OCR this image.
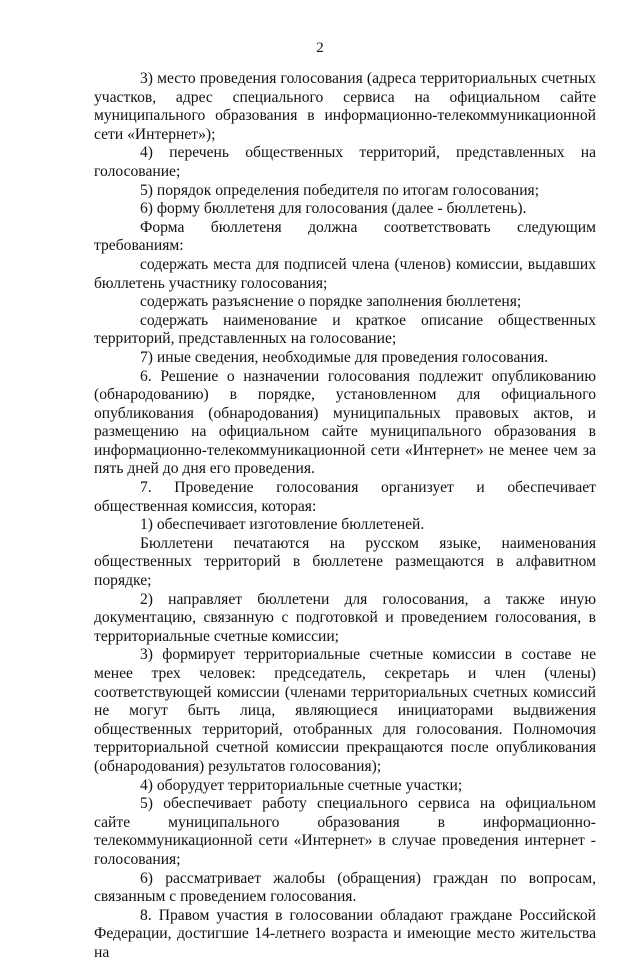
2

3) место проведения голосования (адреса территориальных счетных участков, адрес специального сервиса на официальном сайте муниципального образования в информационно-телекоммуникационной сети «Интернет»);

4) перечень общественных территорий, представленных на голосование;

5) порядок определения победителя по итогам голосования;

6) форму бюллетеня для голосования (далее - бюллетень).

Форма бюллетеня должна соответствовать следующим требованиям:

содержать места для подписей члена (членов) комиссии, выдавших бюллетень участнику голосования;

содержать разъяснение о порядке заполнения бюллетеня;

содержать наименование и краткое описание общественных территорий, представленных на голосование;

7) иные сведения, необходимые для проведения голосования.

6. Решение о назначении голосования подлежит опубликованию (обнародованию) в порядке, установленном для официального опубликования (обнародования) муниципальных правовых актов, и размещению на официальном сайте муниципального образования в информационно-телекоммуникационной сети «Интернет» не менее чем за пять дней до дня его проведения.

7. Проведение голосования организует и обеспечивает общественная комиссия, которая:

1) обеспечивает изготовление бюллетеней.

Бюллетени печатаются на русском языке, наименования общественных территорий в бюллетене размещаются в алфавитном порядке;

2) направляет бюллетени для голосования, а также иную документацию, связанную с подготовкой и проведением голосования, в территориальные счетные комиссии;

3) формирует территориальные счетные комиссии в составе не менее трех человек: председатель, секретарь и член (члены) соответствующей комиссии (членами территориальных счетных комиссий не могут быть лица, являющиеся инициаторами выдвижения общественных территорий, отобранных для голосования. Полномочия территориальной счетной комиссии прекращаются после опубликования (обнародования) результатов голосования);

4) оборудует территориальные счетные участки;

5) обеспечивает работу специального сервиса на официальном сайте муниципального образования в информационно-телекоммуникационной сети «Интернет» в случае проведения интернет - голосования;

6) рассматривает жалобы (обращения) граждан по вопросам, связанным с проведением голосования.

8. Правом участия в голосовании обладают граждане Российской Федерации, достигшие 14-летнего возраста и имеющие место жительства на
